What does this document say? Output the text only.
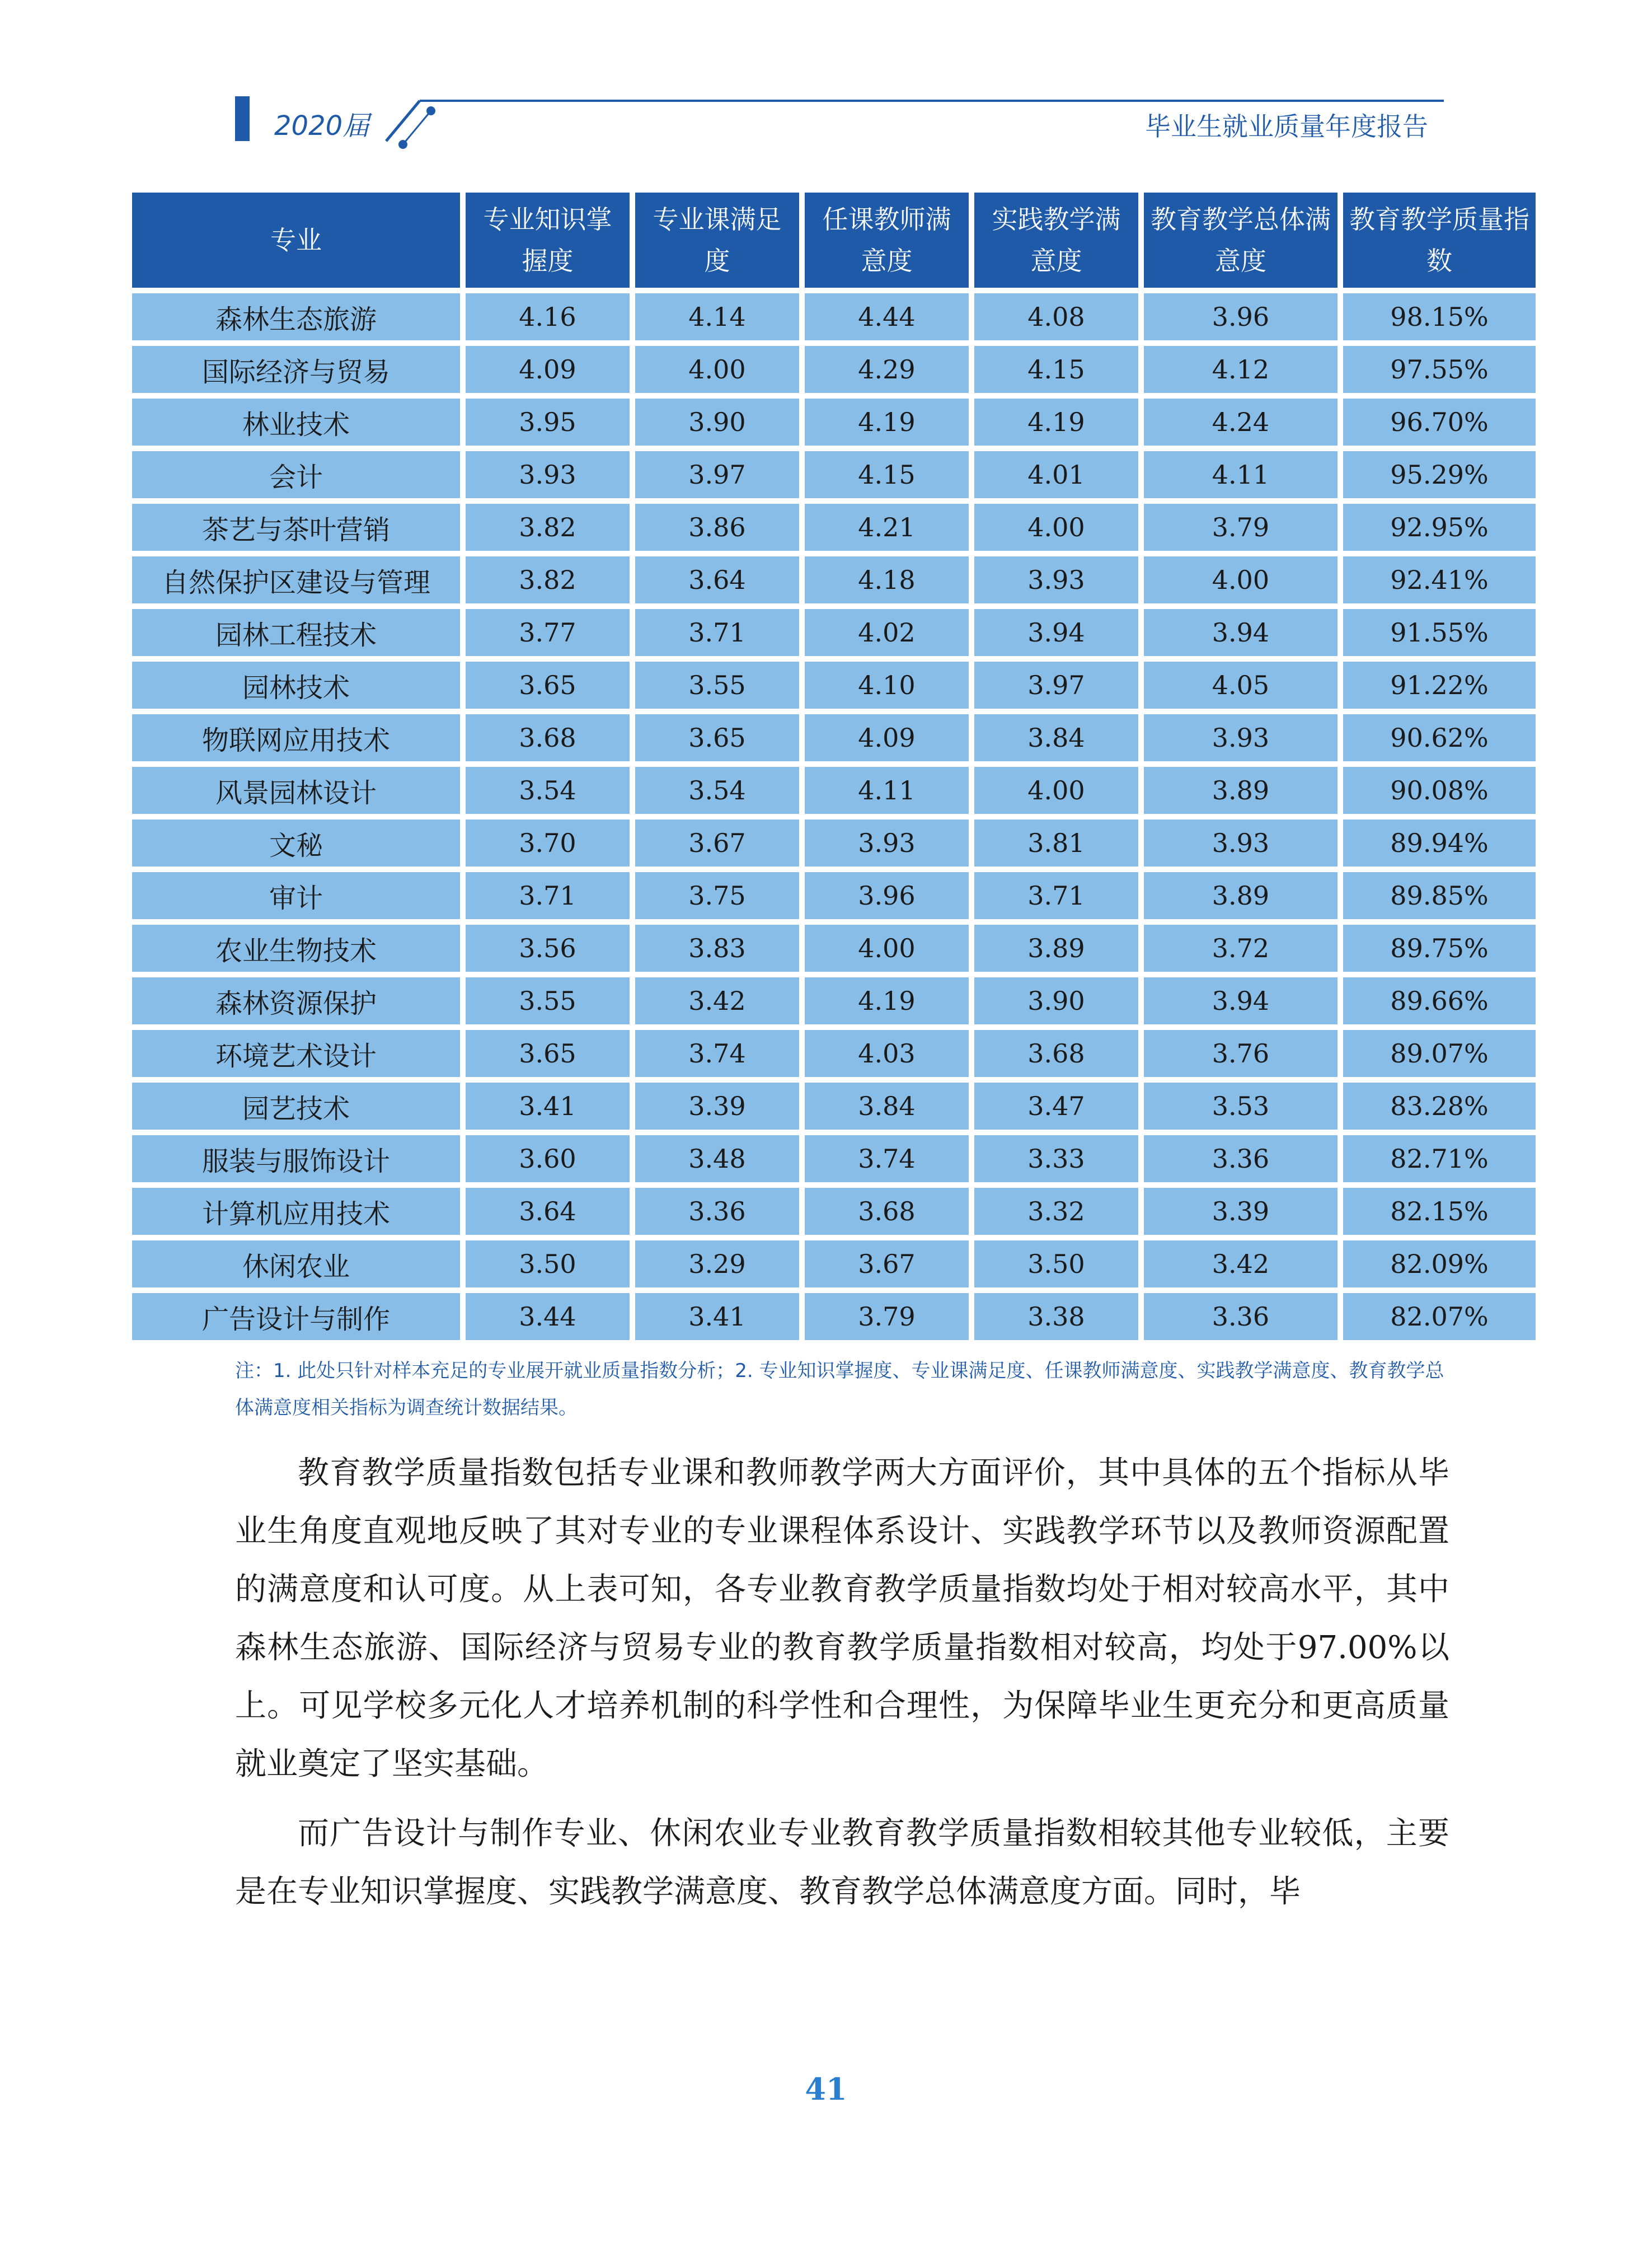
2020届	毕业生就业质量年度报告
专业	专业知识掌握度	专业课满足度	任课教师满意度	实践教学满意度	教育教学总体满意度	教育教学质量指数
森林生态旅游	4.16	4.14	4.44	4.08	3.96	98.15%
国际经济与贸易	4.09	4.00	4.29	4.15	4.12	97.55%
林业技术	3.95	3.90	4.19	4.19	4.24	96.70%
会计	3.93	3.97	4.15	4.01	4.11	95.29%
茶艺与茶叶营销	3.82	3.86	4.21	4.00	3.79	92.95%
自然保护区建设与管理	3.82	3.64	4.18	3.93	4.00	92.41%
园林工程技术	3.77	3.71	4.02	3.94	3.94	91.55%
园林技术	3.65	3.55	4.10	3.97	4.05	91.22%
物联网应用技术	3.68	3.65	4.09	3.84	3.93	90.62%
风景园林设计	3.54	3.54	4.11	4.00	3.89	90.08%
文秘	3.70	3.67	3.93	3.81	3.93	89.94%
审计	3.71	3.75	3.96	3.71	3.89	89.85%
农业生物技术	3.56	3.83	4.00	3.89	3.72	89.75%
森林资源保护	3.55	3.42	4.19	3.90	3.94	89.66%
环境艺术设计	3.65	3.74	4.03	3.68	3.76	89.07%
园艺技术	3.41	3.39	3.84	3.47	3.53	83.28%
服装与服饰设计	3.60	3.48	3.74	3.33	3.36	82.71%
计算机应用技术	3.64	3.36	3.68	3.32	3.39	82.15%
休闲农业	3.50	3.29	3.67	3.50	3.42	82.09%
广告设计与制作	3.44	3.41	3.79	3.38	3.36	82.07%
注：1. 此处只针对样本充足的专业展开就业质量指数分析；2. 专业知识掌握度、专业课满足度、任课教师满意度、实践教学满意度、教育教学总体满意度相关指标为调查统计数据结果。

教育教学质量指数包括专业课和教师教学两大方面评价，其中具体的五个指标从毕业生角度直观地反映了其对专业的专业课程体系设计、实践教学环节以及教师资源配置的满意度和认可度。从上表可知，各专业教育教学质量指数均处于相对较高水平，其中森林生态旅游、国际经济与贸易专业的教育教学质量指数相对较高，均处于97.00%以上。可见学校多元化人才培养机制的科学性和合理性，为保障毕业生更充分和更高质量就业奠定了坚实基础。

而广告设计与制作专业、休闲农业专业教育教学质量指数相较其他专业较低，主要是在专业知识掌握度、实践教学满意度、教育教学总体满意度方面。同时，毕

41
